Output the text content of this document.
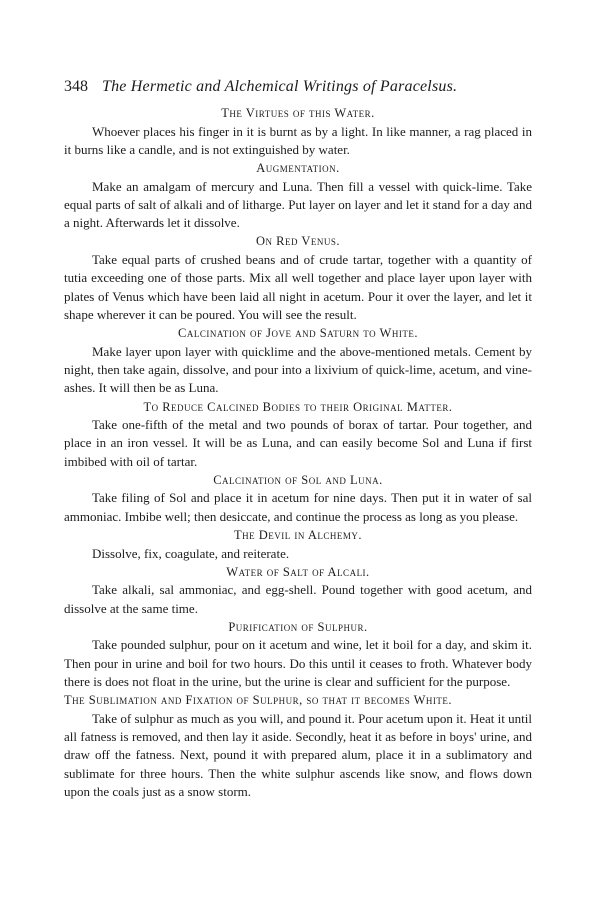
348 The Hermetic and Alchemical Writings of Paracelsus.

The Virtues of this Water.

Whoever places his finger in it is burnt as by a light. In like manner, a rag placed in it burns like a candle, and is not extinguished by water.

Augmentation.

Make an amalgam of mercury and Luna. Then fill a vessel with quick-lime. Take equal parts of salt of alkali and of litharge. Put layer on layer and let it stand for a day and a night. Afterwards let it dissolve.

On Red Venus.

Take equal parts of crushed beans and of crude tartar, together with a quantity of tutia exceeding one of those parts. Mix all well together and place layer upon layer with plates of Venus which have been laid all night in acetum. Pour it over the layer, and let it shape wherever it can be poured. You will see the result.

Calcination of Jove and Saturn to White.

Make layer upon layer with quicklime and the above-mentioned metals. Cement by night, then take again, dissolve, and pour into a lixivium of quick-lime, acetum, and vine-ashes. It will then be as Luna.

To Reduce Calcined Bodies to their Original Matter.

Take one-fifth of the metal and two pounds of borax of tartar. Pour together, and place in an iron vessel. It will be as Luna, and can easily become Sol and Luna if first imbibed with oil of tartar.

Calcination of Sol and Luna.

Take filing of Sol and place it in acetum for nine days. Then put it in water of sal ammoniac. Imbibe well; then desiccate, and continue the process as long as you please.

The Devil in Alchemy.

Dissolve, fix, coagulate, and reiterate.

Water of Salt of Alcali.

Take alkali, sal ammoniac, and egg-shell. Pound together with good acetum, and dissolve at the same time.

Purification of Sulphur.

Take pounded sulphur, pour on it acetum and wine, let it boil for a day, and skim it. Then pour in urine and boil for two hours. Do this until it ceases to froth. Whatever body there is does not float in the urine, but the urine is clear and sufficient for the purpose.

The Sublimation and Fixation of Sulphur, so that it becomes White.

Take of sulphur as much as you will, and pound it. Pour acetum upon it. Heat it until all fatness is removed, and then lay it aside. Secondly, heat it as before in boys' urine, and draw off the fatness. Next, pound it with prepared alum, place it in a sublimatory and sublimate for three hours. Then the white sulphur ascends like snow, and flows down upon the coals just as a snow storm.
